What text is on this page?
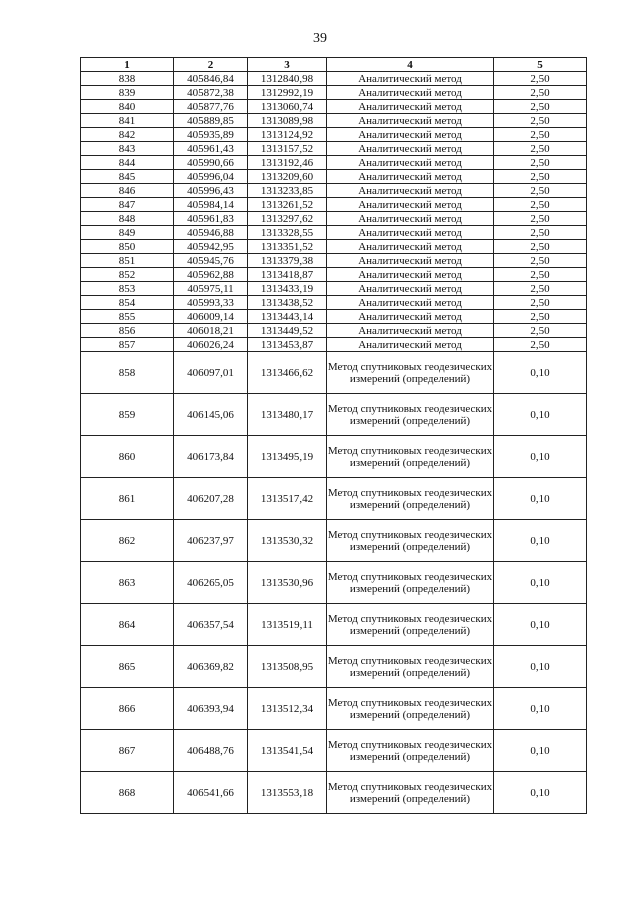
39
1	2	3	4	5
838	405846,84	1312840,98	Аналитический метод	2,50
839	405872,38	1312992,19	Аналитический метод	2,50
840	405877,76	1313060,74	Аналитический метод	2,50
841	405889,85	1313089,98	Аналитический метод	2,50
842	405935,89	1313124,92	Аналитический метод	2,50
843	405961,43	1313157,52	Аналитический метод	2,50
844	405990,66	1313192,46	Аналитический метод	2,50
845	405996,04	1313209,60	Аналитический метод	2,50
846	405996,43	1313233,85	Аналитический метод	2,50
847	405984,14	1313261,52	Аналитический метод	2,50
848	405961,83	1313297,62	Аналитический метод	2,50
849	405946,88	1313328,55	Аналитический метод	2,50
850	405942,95	1313351,52	Аналитический метод	2,50
851	405945,76	1313379,38	Аналитический метод	2,50
852	405962,88	1313418,87	Аналитический метод	2,50
853	405975,11	1313433,19	Аналитический метод	2,50
854	405993,33	1313438,52	Аналитический метод	2,50
855	406009,14	1313443,14	Аналитический метод	2,50
856	406018,21	1313449,52	Аналитический метод	2,50
857	406026,24	1313453,87	Аналитический метод	2,50
858	406097,01	1313466,62	Метод спутниковых геодезических измерений (определений)	0,10
859	406145,06	1313480,17	Метод спутниковых геодезических измерений (определений)	0,10
860	406173,84	1313495,19	Метод спутниковых геодезических измерений (определений)	0,10
861	406207,28	1313517,42	Метод спутниковых геодезических измерений (определений)	0,10
862	406237,97	1313530,32	Метод спутниковых геодезических измерений (определений)	0,10
863	406265,05	1313530,96	Метод спутниковых геодезических измерений (определений)	0,10
864	406357,54	1313519,11	Метод спутниковых геодезических измерений (определений)	0,10
865	406369,82	1313508,95	Метод спутниковых геодезических измерений (определений)	0,10
866	406393,94	1313512,34	Метод спутниковых геодезических измерений (определений)	0,10
867	406488,76	1313541,54	Метод спутниковых геодезических измерений (определений)	0,10
868	406541,66	1313553,18	Метод спутниковых геодезических измерений (определений)	0,10
